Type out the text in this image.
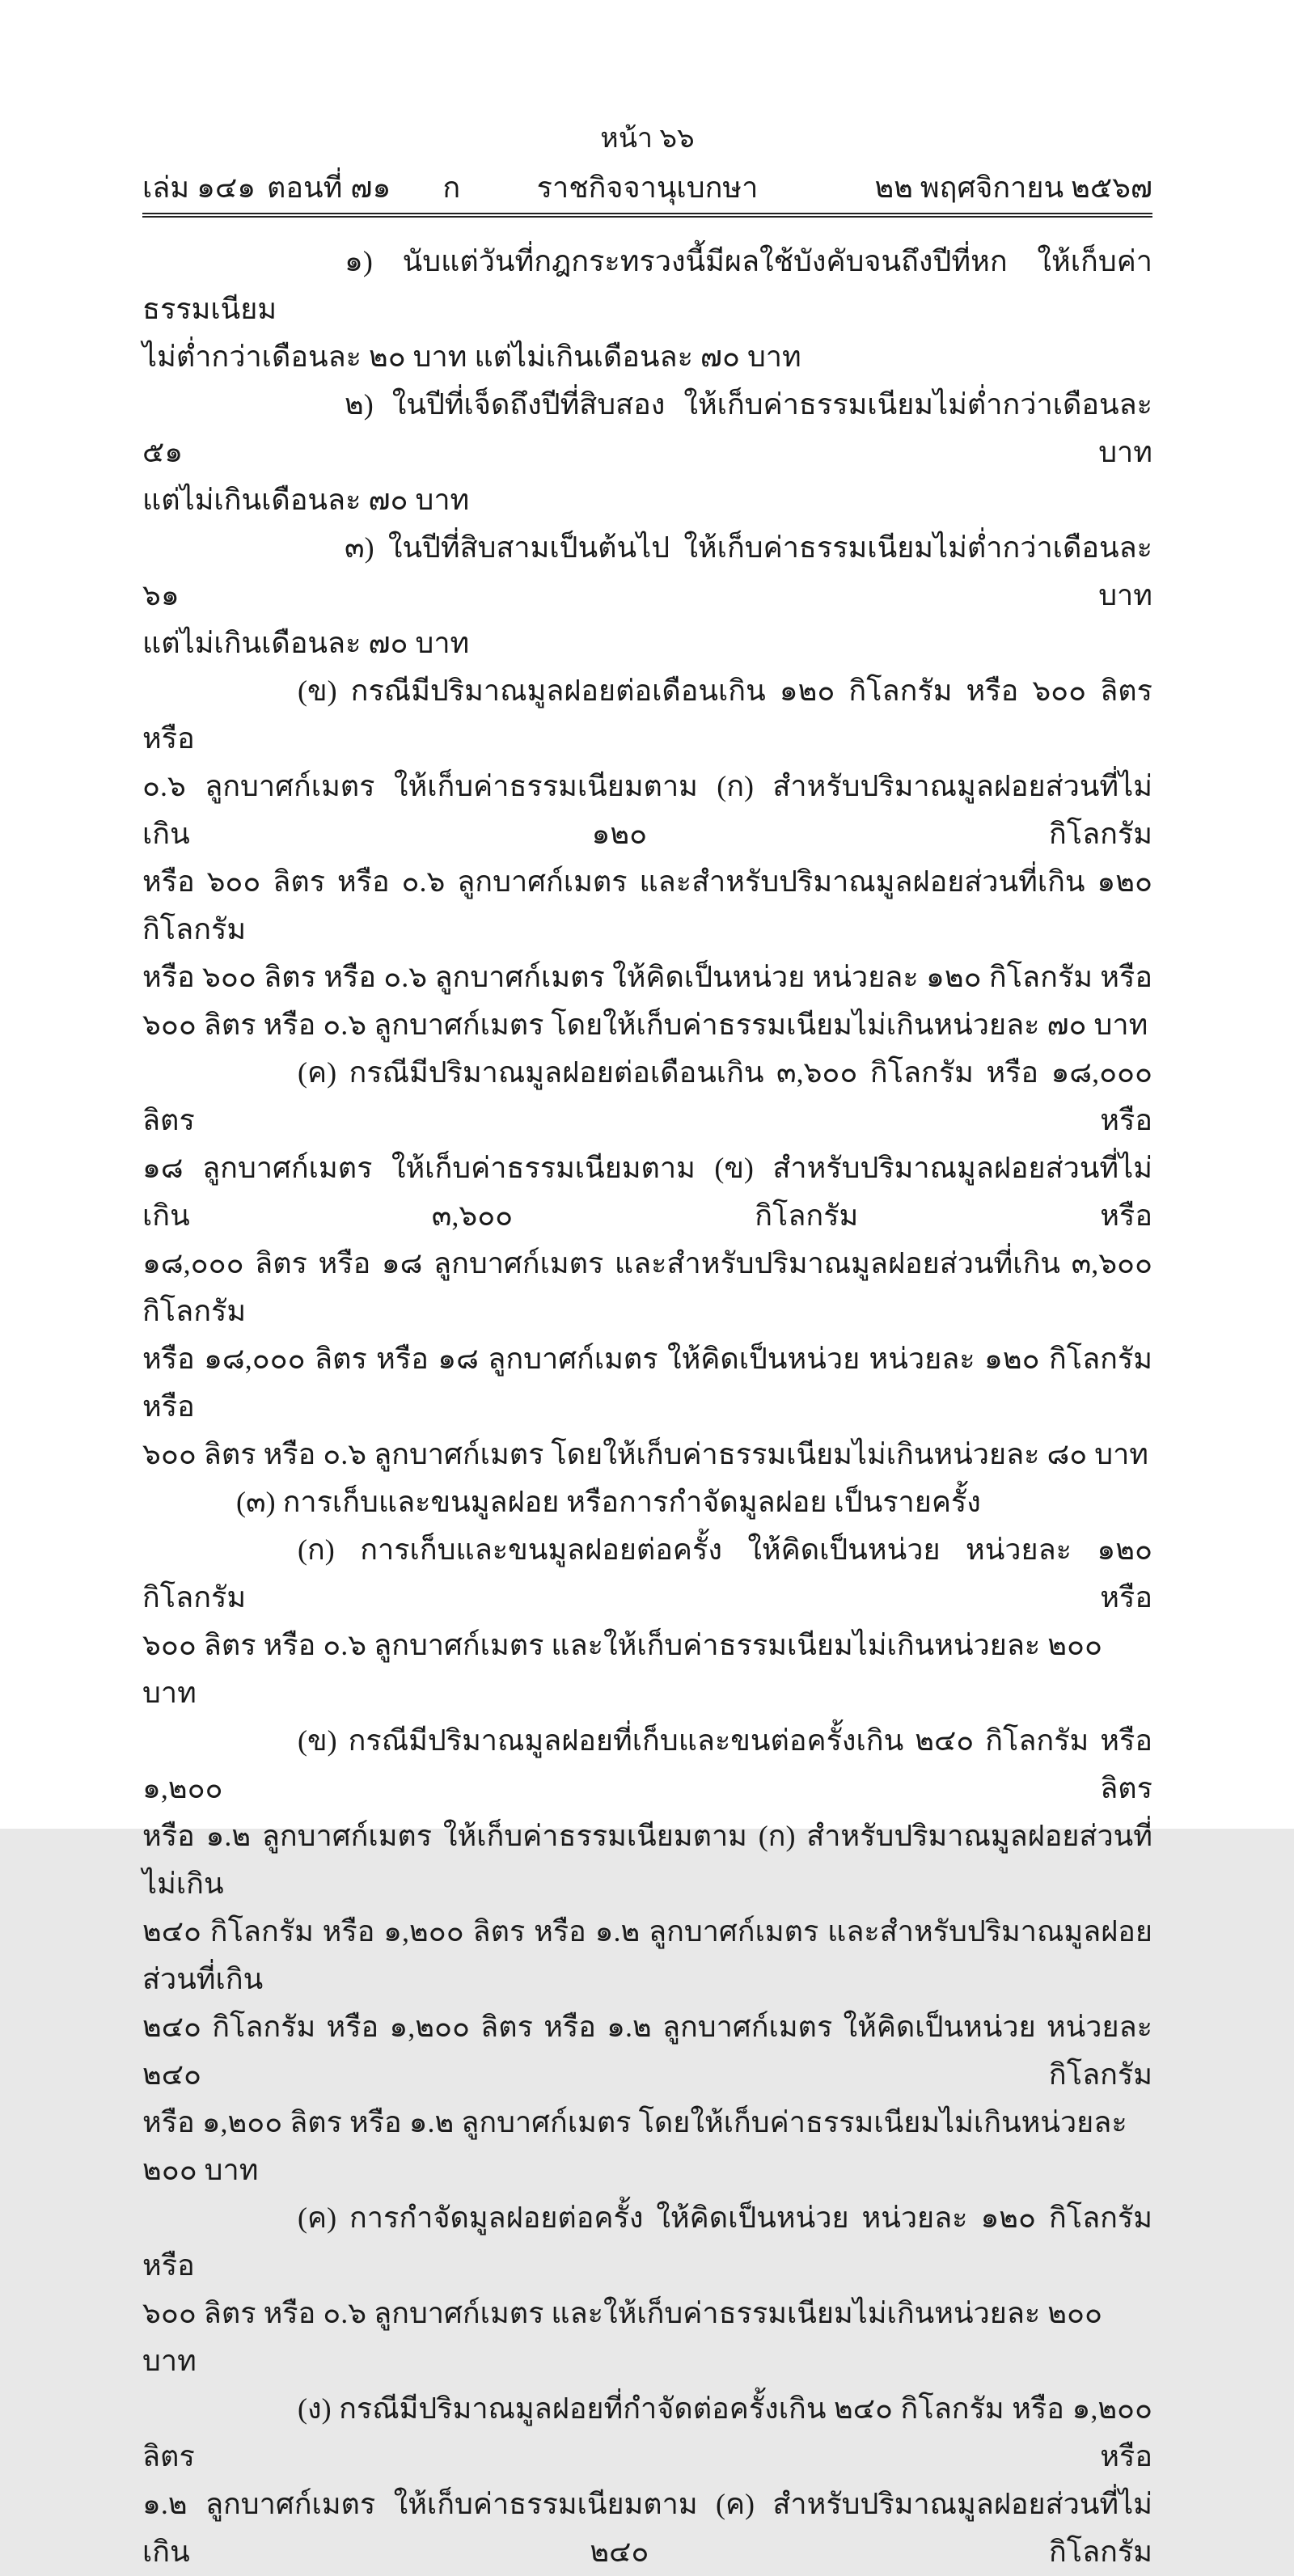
หน้า ๖๖
เล่ม ๑๔๑ ตอนที่ ๗๑ ก	ราชกิจจานุเบกษา	๒๒ พฤศจิกายน ๒๕๖๗
๑) นับแต่วันที่กฎกระทรวงนี้มีผลใช้บังคับจนถึงปีที่หก ให้เก็บค่าธรรมเนียม
ไม่ต่ำกว่าเดือนละ ๒๐ บาท แต่ไม่เกินเดือนละ ๗๐ บาท
๒) ในปีที่เจ็ดถึงปีที่สิบสอง ให้เก็บค่าธรรมเนียมไม่ต่ำกว่าเดือนละ ๕๑ บาท
แต่ไม่เกินเดือนละ ๗๐ บาท
๓) ในปีที่สิบสามเป็นต้นไป ให้เก็บค่าธรรมเนียมไม่ต่ำกว่าเดือนละ ๖๑ บาท
แต่ไม่เกินเดือนละ ๗๐ บาท
(ข) กรณีมีปริมาณมูลฝอยต่อเดือนเกิน ๑๒๐ กิโลกรัม หรือ ๖๐๐ ลิตร หรือ
๐.๖ ลูกบาศก์เมตร ให้เก็บค่าธรรมเนียมตาม (ก) สำหรับปริมาณมูลฝอยส่วนที่ไม่เกิน ๑๒๐ กิโลกรัม
หรือ ๖๐๐ ลิตร หรือ ๐.๖ ลูกบาศก์เมตร และสำหรับปริมาณมูลฝอยส่วนที่เกิน ๑๒๐ กิโลกรัม
หรือ ๖๐๐ ลิตร หรือ ๐.๖ ลูกบาศก์เมตร ให้คิดเป็นหน่วย หน่วยละ ๑๒๐ กิโลกรัม หรือ
๖๐๐ ลิตร หรือ ๐.๖ ลูกบาศก์เมตร โดยให้เก็บค่าธรรมเนียมไม่เกินหน่วยละ ๗๐ บาท
(ค) กรณีมีปริมาณมูลฝอยต่อเดือนเกิน ๓,๖๐๐ กิโลกรัม หรือ ๑๘,๐๐๐ ลิตร หรือ
๑๘ ลูกบาศก์เมตร ให้เก็บค่าธรรมเนียมตาม (ข) สำหรับปริมาณมูลฝอยส่วนที่ไม่เกิน ๓,๖๐๐ กิโลกรัม หรือ
๑๘,๐๐๐ ลิตร หรือ ๑๘ ลูกบาศก์เมตร และสำหรับปริมาณมูลฝอยส่วนที่เกิน ๓,๖๐๐ กิโลกรัม
หรือ ๑๘,๐๐๐ ลิตร หรือ ๑๘ ลูกบาศก์เมตร ให้คิดเป็นหน่วย หน่วยละ ๑๒๐ กิโลกรัม หรือ
๖๐๐ ลิตร หรือ ๐.๖ ลูกบาศก์เมตร โดยให้เก็บค่าธรรมเนียมไม่เกินหน่วยละ ๘๐ บาท
(๓) การเก็บและขนมูลฝอย หรือการกำจัดมูลฝอย เป็นรายครั้ง
(ก) การเก็บและขนมูลฝอยต่อครั้ง ให้คิดเป็นหน่วย หน่วยละ ๑๒๐ กิโลกรัม หรือ
๖๐๐ ลิตร หรือ ๐.๖ ลูกบาศก์เมตร และให้เก็บค่าธรรมเนียมไม่เกินหน่วยละ ๒๐๐ บาท
(ข) กรณีมีปริมาณมูลฝอยที่เก็บและขนต่อครั้งเกิน ๒๔๐ กิโลกรัม หรือ ๑,๒๐๐ ลิตร
หรือ ๑.๒ ลูกบาศก์เมตร ให้เก็บค่าธรรมเนียมตาม (ก) สำหรับปริมาณมูลฝอยส่วนที่ไม่เกิน
๒๔๐ กิโลกรัม หรือ ๑,๒๐๐ ลิตร หรือ ๑.๒ ลูกบาศก์เมตร และสำหรับปริมาณมูลฝอยส่วนที่เกิน
๒๔๐ กิโลกรัม หรือ ๑,๒๐๐ ลิตร หรือ ๑.๒ ลูกบาศก์เมตร ให้คิดเป็นหน่วย หน่วยละ ๒๔๐ กิโลกรัม
หรือ ๑,๒๐๐ ลิตร หรือ ๑.๒ ลูกบาศก์เมตร โดยให้เก็บค่าธรรมเนียมไม่เกินหน่วยละ ๒๐๐ บาท
(ค) การกำจัดมูลฝอยต่อครั้ง ให้คิดเป็นหน่วย หน่วยละ ๑๒๐ กิโลกรัม หรือ
๖๐๐ ลิตร หรือ ๐.๖ ลูกบาศก์เมตร และให้เก็บค่าธรรมเนียมไม่เกินหน่วยละ ๒๐๐ บาท
(ง) กรณีมีปริมาณมูลฝอยที่กำจัดต่อครั้งเกิน ๒๔๐ กิโลกรัม หรือ ๑,๒๐๐ ลิตร หรือ
๑.๒ ลูกบาศก์เมตร ให้เก็บค่าธรรมเนียมตาม (ค) สำหรับปริมาณมูลฝอยส่วนที่ไม่เกิน ๒๔๐ กิโลกรัม
